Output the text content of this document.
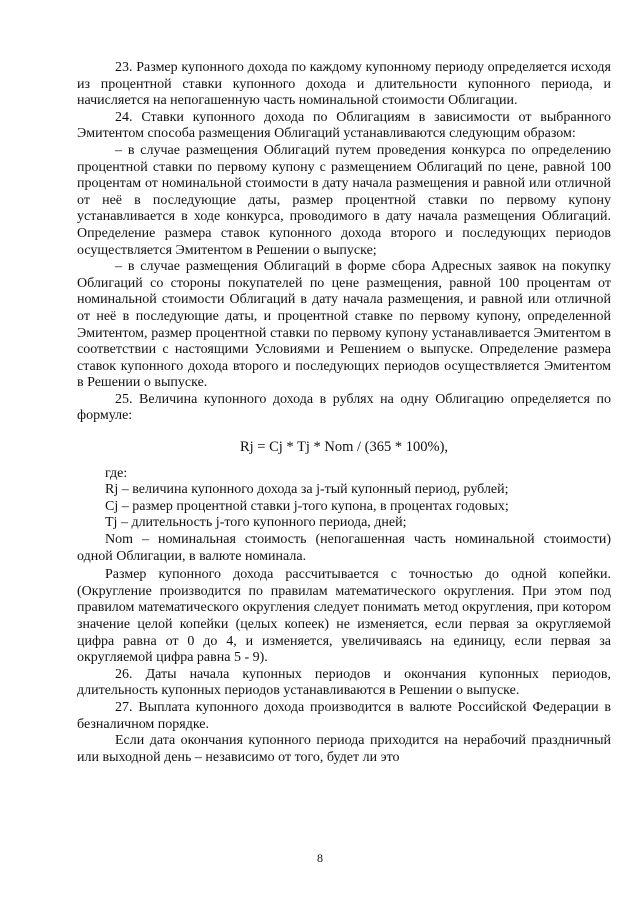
23. Размер купонного дохода по каждому купонному периоду определяется исходя из процентной ставки купонного дохода и длительности купонного периода, и начисляется на непогашенную часть номинальной стоимости Облигации.

24. Ставки купонного дохода по Облигациям в зависимости от выбранного Эмитентом способа размещения Облигаций устанавливаются следующим образом:

– в случае размещения Облигаций путем проведения конкурса по определению процентной ставки по первому купону с размещением Облигаций по цене, равной 100 процентам от номинальной стоимости в дату начала размещения и равной или отличной от неё в последующие даты, размер процентной ставки по первому купону устанавливается в ходе конкурса, проводимого в дату начала размещения Облигаций. Определение размера ставок купонного дохода второго и последующих периодов осуществляется Эмитентом в Решении о выпуске;

– в случае размещения Облигаций в форме сбора Адресных заявок на покупку Облигаций со стороны покупателей по цене размещения, равной 100 процентам от номинальной стоимости Облигаций в дату начала размещения, и равной или отличной от неё в последующие даты, и процентной ставке по первому купону, определенной Эмитентом, размер процентной ставки по первому купону устанавливается Эмитентом в соответствии с настоящими Условиями и Решением о выпуске. Определение размера ставок купонного дохода второго и последующих периодов осуществляется Эмитентом в Решении о выпуске.

25. Величина купонного дохода в рублях на одну Облигацию определяется по формуле:

Rj = Cj * Tj * Nom / (365 * 100%),

где:

Rj – величина купонного дохода за j-тый купонный период, рублей;

Cj – размер процентной ставки j-того купона, в процентах годовых;

Tj – длительность j-того купонного периода, дней;

Nom – номинальная стоимость (непогашенная часть номинальной стоимости) одной Облигации, в валюте номинала.

Размер купонного дохода рассчитывается с точностью до одной копейки. (Округление производится по правилам математического округления. При этом под правилом математического округления следует понимать метод округления, при котором значение целой копейки (целых копеек) не изменяется, если первая за округляемой цифра равна от 0 до 4, и изменяется, увеличиваясь на единицу, если первая за округляемой цифра равна 5 - 9).

26. Даты начала купонных периодов и окончания купонных периодов, длительность купонных периодов устанавливаются в Решении о выпуске.

27. Выплата купонного дохода производится в валюте Российской Федерации в безналичном порядке.

Если дата окончания купонного периода приходится на нерабочий праздничный или выходной день – независимо от того, будет ли это

8
